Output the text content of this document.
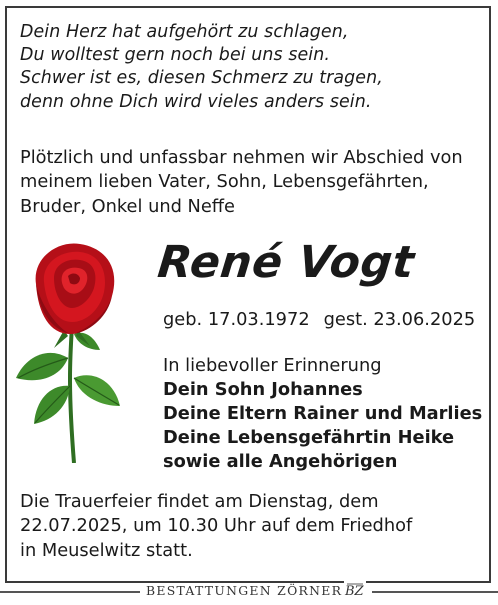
Dein Herz hat aufgehört zu schlagen,
Du wolltest gern noch bei uns sein.
Schwer ist es, diesen Schmerz zu tragen,
denn ohne Dich wird vieles anders sein.
Plötzlich und unfassbar nehmen wir Abschied von
meinem lieben Vater, Sohn, Lebensgefährten,
Bruder, Onkel und Neffe
René Vogt
geb. 17.03.1972 gest. 23.06.2025
In liebevoller Erinnerung
Dein Sohn Johannes
Deine Eltern Rainer und Marlies
Deine Lebensgefährtin Heike
sowie alle Angehörigen
Die Trauerfeier findet am Dienstag, dem
22.07.2025, um 10.30 Uhr auf dem Friedhof
in Meuselwitz statt.
BESTATTUNGEN ZÖRNER BZ
